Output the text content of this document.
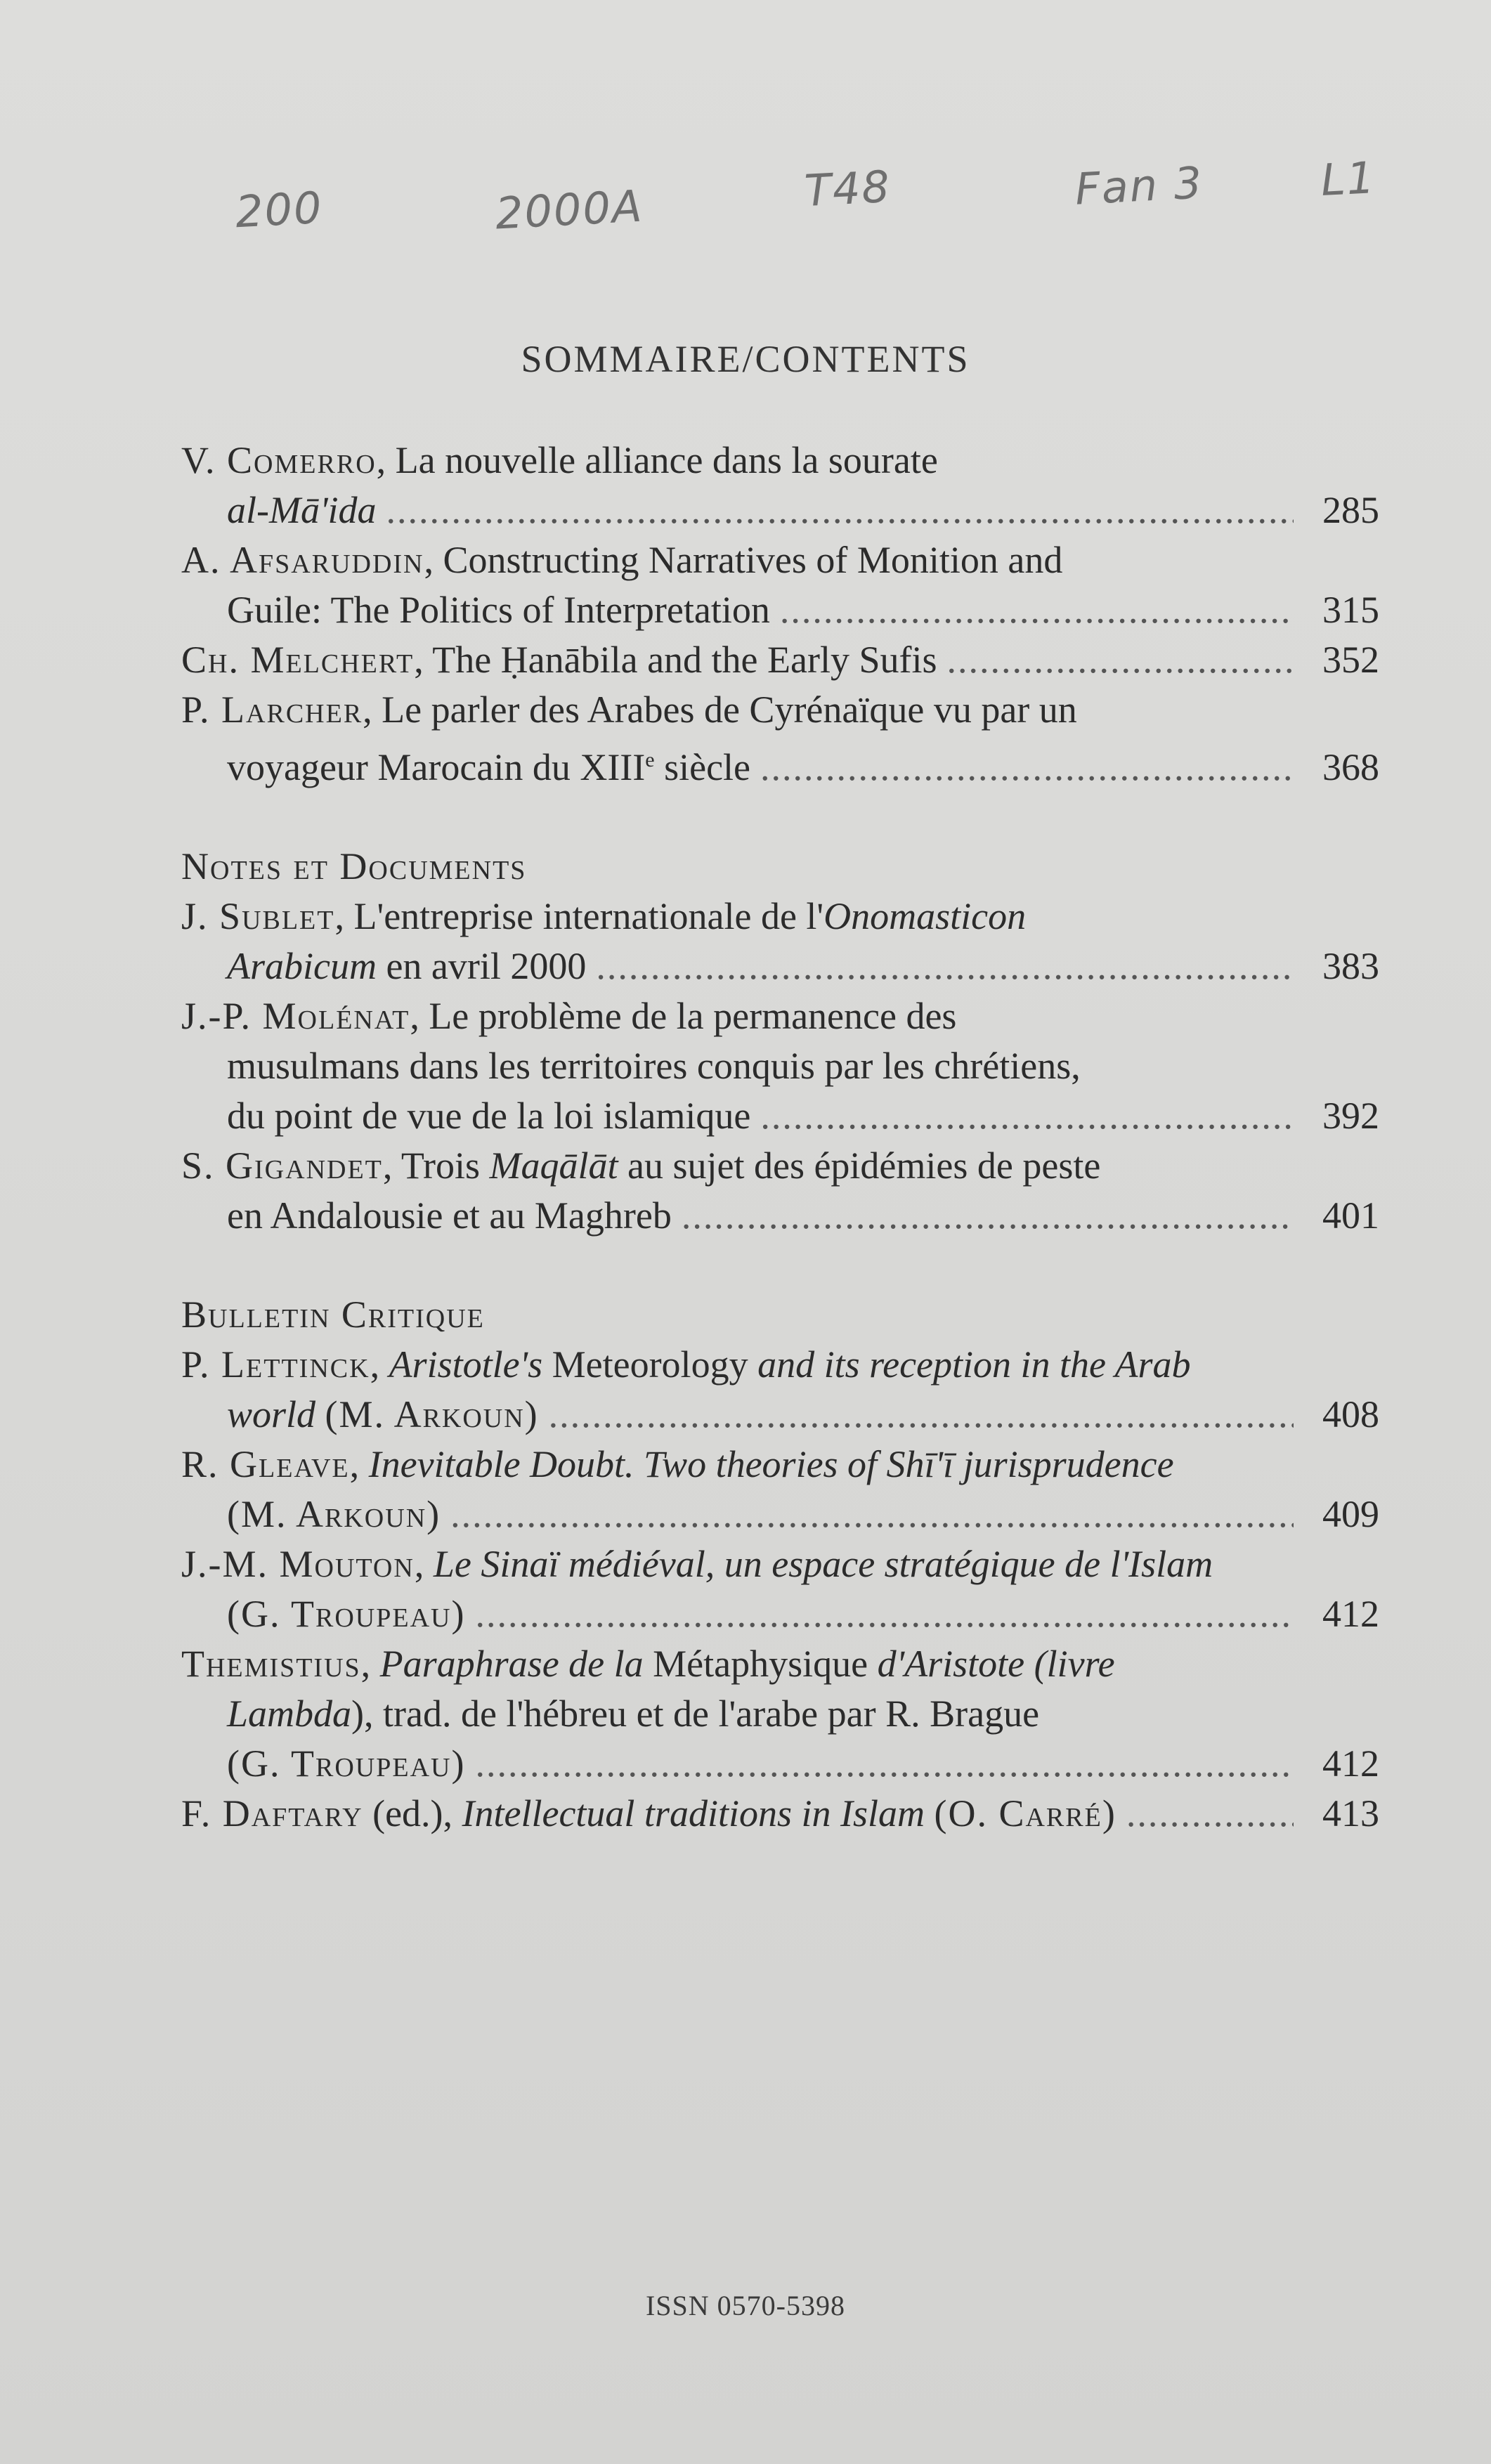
200	2000A	T48	Fan 3	L1
SOMMAIRE/CONTENTS
V. Comerro, La nouvelle alliance dans la sourate
al-Mā'ida .....	285
A. Afsaruddin, Constructing Narratives of Monition and
Guile: The Politics of Interpretation .....	315
Ch. Melchert, The Ḥanābila and the Early Sufis .....	352
P. Larcher, Le parler des Arabes de Cyrénaïque vu par un
voyageur Marocain du XIIIe siècle .....	368
Notes et Documents
J. Sublet, L'entreprise internationale de l'Onomasticon
Arabicum en avril 2000 .....	383
J.-P. Molénat, Le problème de la permanence des
musulmans dans les territoires conquis par les chrétiens,
du point de vue de la loi islamique .....	392
S. Gigandet, Trois Maqālāt au sujet des épidémies de peste
en Andalousie et au Maghreb .....	401
Bulletin Critique
P. Lettinck, Aristotle's Meteorology and its reception in the Arab
world (M. Arkoun) .....	408
R. Gleave, Inevitable Doubt. Two theories of Shī'ī jurisprudence
(M. Arkoun) .....	409
J.-M. Mouton, Le Sinaï médiéval, un espace stratégique de l'Islam
(G. Troupeau) .....	412
Themistius, Paraphrase de la Métaphysique d'Aristote (livre
Lambda), trad. de l'hébreu et de l'arabe par R. Brague
(G. Troupeau) .....	412
F. Daftary (ed.), Intellectual traditions in Islam (O. Carré) .....	413
ISSN 0570-5398
